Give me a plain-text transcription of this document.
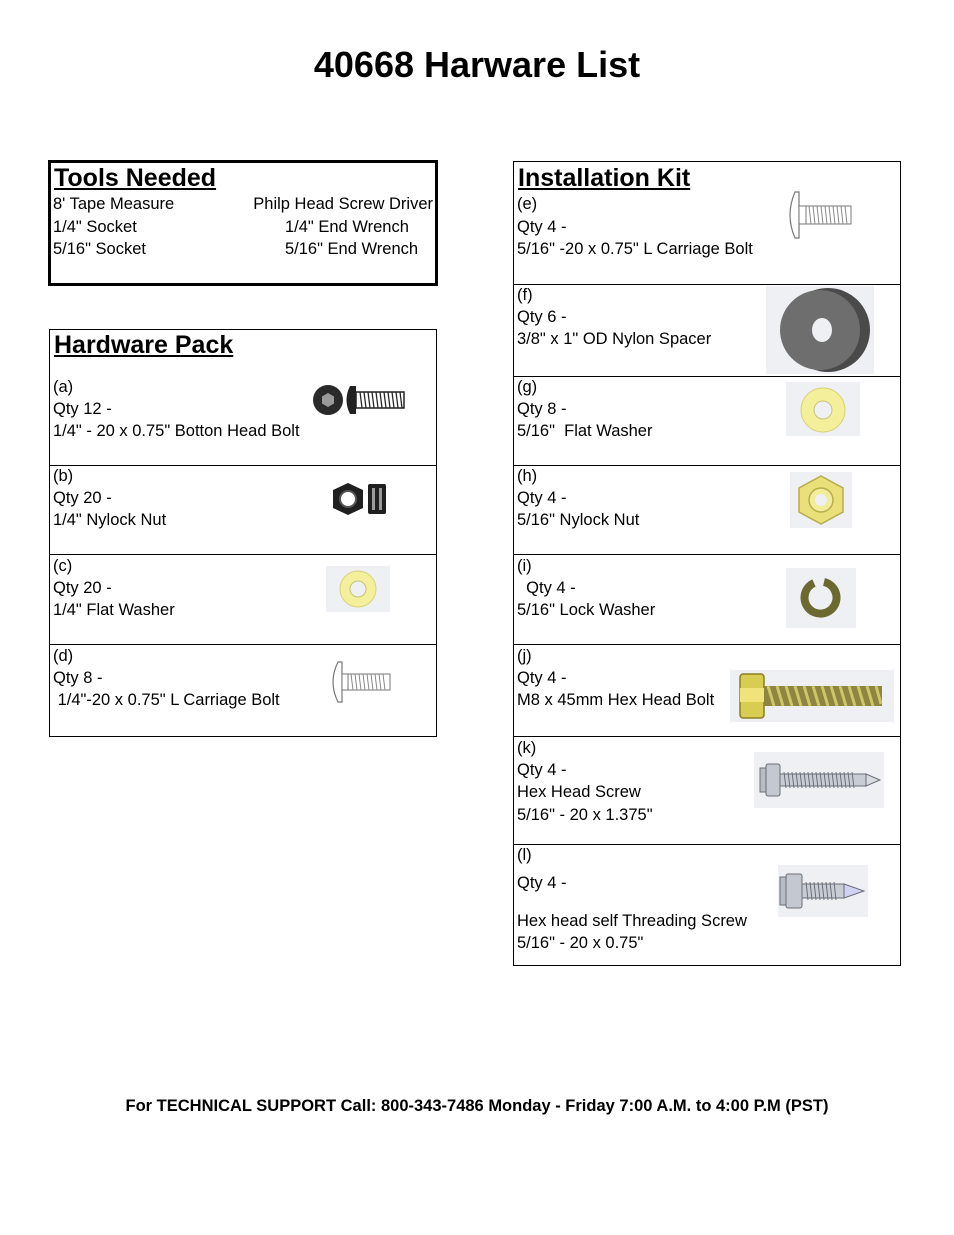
40668 Harware List
Tools Needed
8' Tape Measure
1/4" Socket
5/16" Socket
Philp Head Screw Driver
1/4" End Wrench
5/16" End Wrench
Hardware Pack
(a)
Qty 12 -
1/4" - 20 x 0.75" Botton Head Bolt
(b)
Qty 20 -
1/4" Nylock Nut
(c)
Qty 20 -
1/4" Flat Washer
(d)
Qty 8 -
1/4"-20 x 0.75" L Carriage Bolt
Installation Kit
(e)
Qty 4 -
5/16" -20 x 0.75" L Carriage Bolt
(f)
Qty 6 -
3/8" x 1" OD Nylon Spacer
(g)
Qty 8 -
5/16"  Flat Washer
(h)
Qty 4 -
5/16" Nylock Nut
(i)
Qty 4 -
5/16" Lock Washer
(j)
Qty 4 -
M8 x 45mm Hex Head Bolt
(k)
Qty 4 -
Hex Head Screw
5/16" - 20 x 1.375"
(l)
Qty 4 -
Hex head self Threading Screw
5/16" - 20 x 0.75"
For TECHNICAL SUPPORT Call: 800-343-7486 Monday - Friday 7:00 A.M. to 4:00 P.M (PST)
